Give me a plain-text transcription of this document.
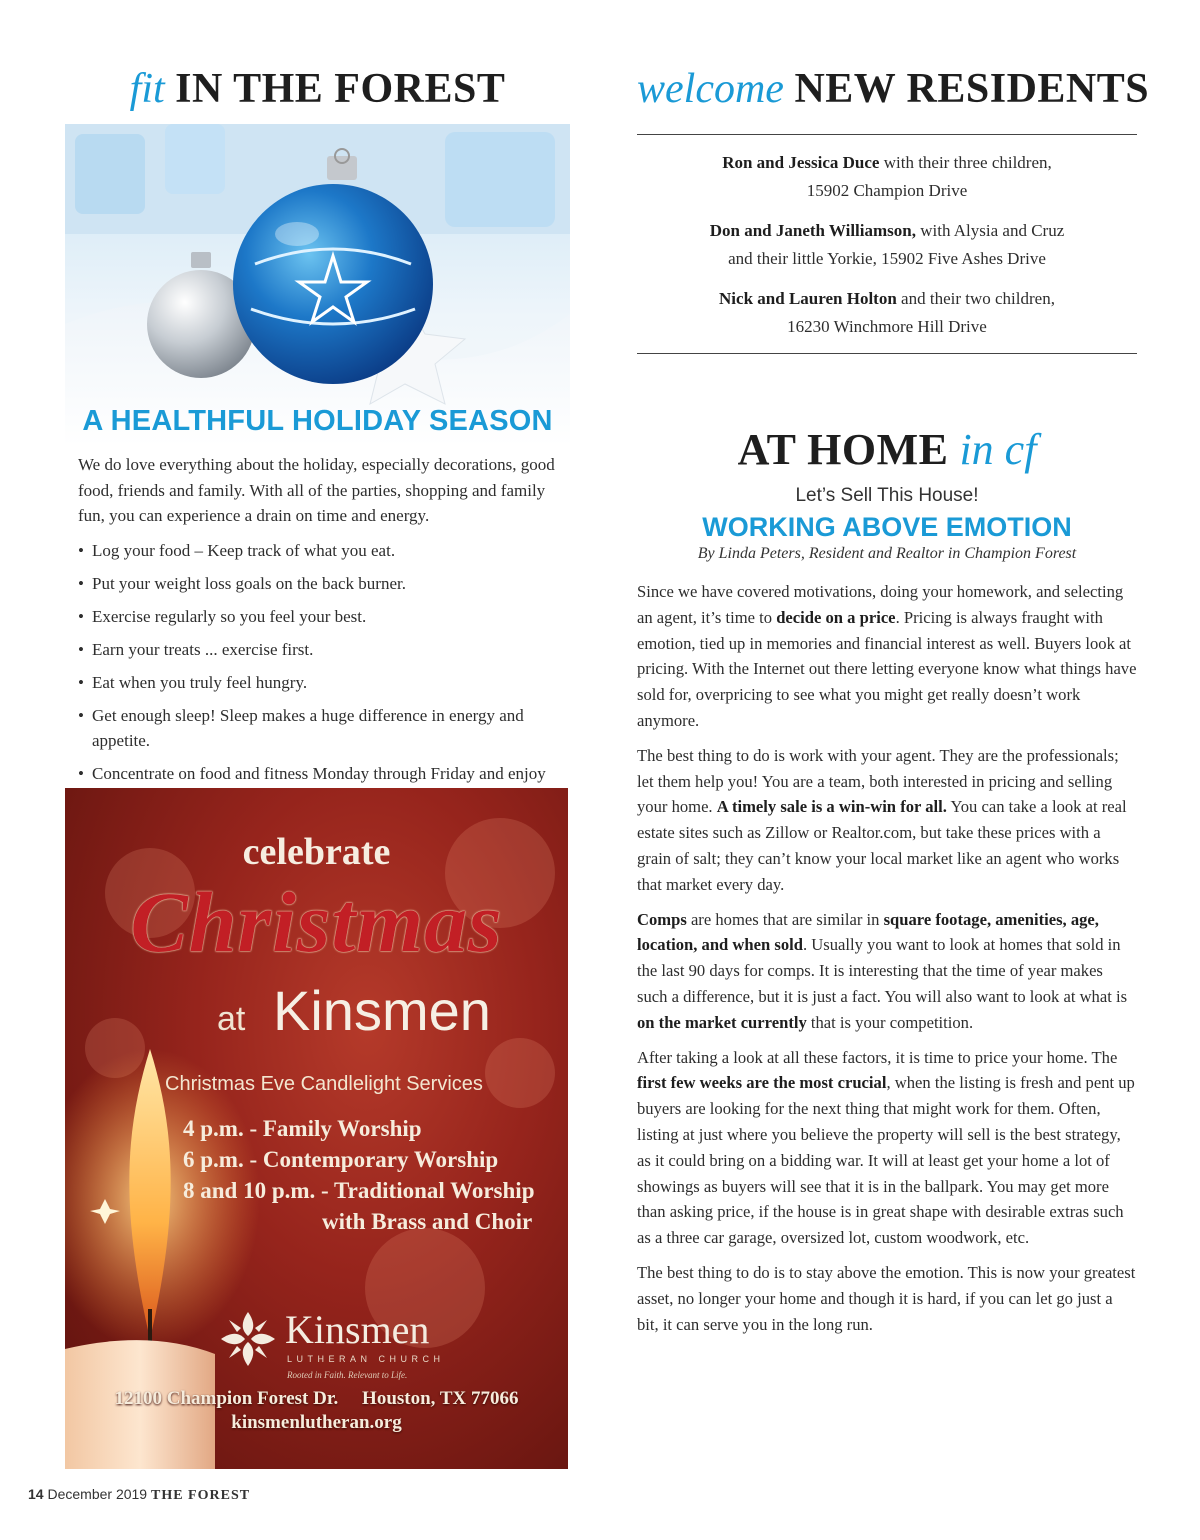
fit IN THE FOREST
A HEALTHFUL HOLIDAY SEASON

We do love everything about the holiday, especially decorations, good food, friends and family. With all of the parties, shopping and family fun, you can experience a drain on time and energy.

• Log your food – Keep track of what you eat.
• Put your weight loss goals on the back burner.
• Exercise regularly so you feel your best.
• Earn your treats ... exercise first.
• Eat when you truly feel hungry.
• Get enough sleep! Sleep makes a huge difference in energy and appetite.
• Concentrate on food and fitness Monday through Friday and enjoy
celebrate
Christmas
at Kinsmen
Christmas Eve Candlelight Services
4 p.m. - Family Worship
6 p.m. - Contemporary Worship
8 and 10 p.m. - Traditional Worship
with Brass and Choir
Kinsmen
LUTHERAN CHURCH
Rooted in Faith. Relevant to Life.
12100 Champion Forest Dr.     Houston, TX 77066
kinsmenlutheran.org
welcome NEW RESIDENTS
Ron and Jessica Duce with their three children,
15902 Champion Drive
Don and Janeth Williamson, with Alysia and Cruz
and their little Yorkie, 15902 Five Ashes Drive
Nick and Lauren Holton and their two children,
16230 Winchmore Hill Drive
AT HOME in cf
Let’s Sell This House!
WORKING ABOVE EMOTION
By Linda Peters, Resident and Realtor in Champion Forest

Since we have covered motivations, doing your homework, and selecting an agent, it’s time to decide on a price. Pricing is always fraught with emotion, tied up in memories and financial interest as well. Buyers look at pricing. With the Internet out there letting everyone know what things have sold for, overpricing to see what you might get really doesn’t work anymore.

The best thing to do is work with your agent. They are the professionals; let them help you! You are a team, both interested in pricing and selling your home. A timely sale is a win-win for all. You can take a look at real estate sites such as Zillow or Realtor.com, but take these prices with a grain of salt; they can’t know your local market like an agent who works that market every day.

Comps are homes that are similar in square footage, amenities, age, location, and when sold. Usually you want to look at homes that sold in the last 90 days for comps. It is interesting that the time of year makes such a difference, but it is just a fact. You will also want to look at what is on the market currently that is your competition.

After taking a look at all these factors, it is time to price your home. The first few weeks are the most crucial, when the listing is fresh and pent up buyers are looking for the next thing that might work for them. Often, listing at just where you believe the property will sell is the best strategy, as it could bring on a bidding war. It will at least get your home a lot of showings as buyers will see that it is in the ballpark. You may get more than asking price, if the house is in great shape with desirable extras such as a three car garage, oversized lot, custom woodwork, etc.

The best thing to do is to stay above the emotion. This is now your greatest asset, no longer your home and though it is hard, if you can let go just a bit, it can serve you in the long run.

14 December 2019 THE FOREST
